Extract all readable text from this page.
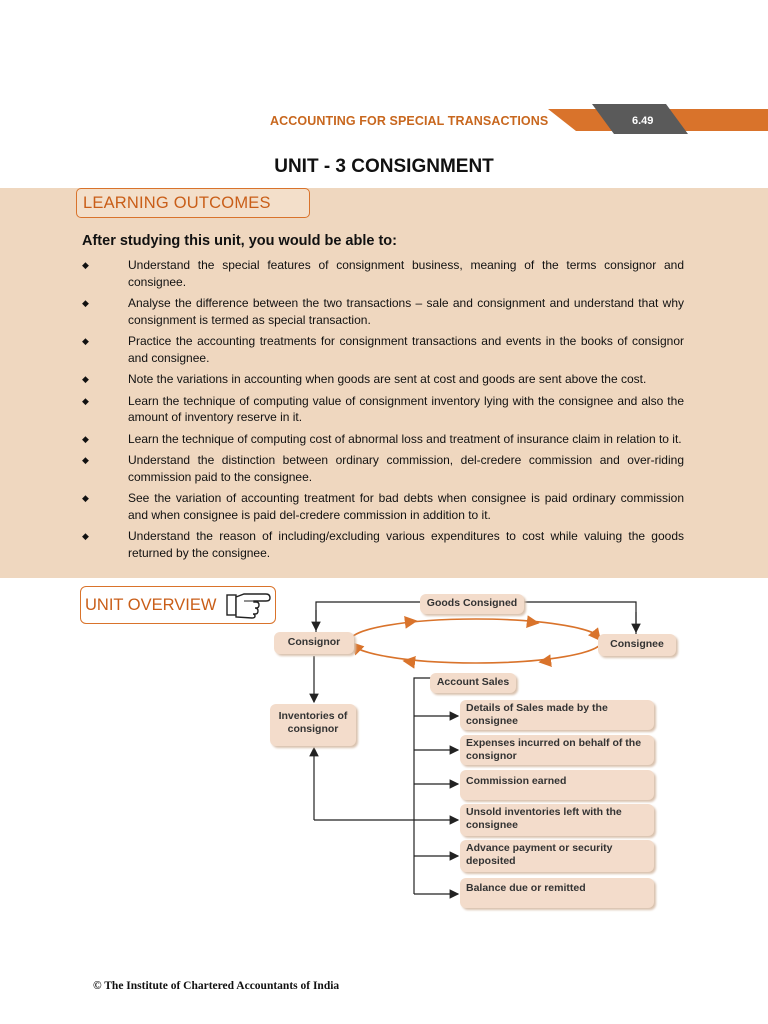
ACCOUNTING FOR SPECIAL TRANSACTIONS	6.49
UNIT - 3 CONSIGNMENT
LEARNING OUTCOMES
After studying this unit, you would be able to:
◆	Understand the special features of consignment business, meaning of the terms consignor and consignee.
◆	Analyse the difference between the two transactions – sale and consignment and understand that why consignment is termed as special transaction.
◆	Practice the accounting treatments for consignment transactions and events in the books of consignor and consignee.
◆	Note the variations in accounting when goods are sent at cost and goods are sent above the cost.
◆	Learn the technique of computing value of consignment inventory lying with the consignee and also the amount of inventory reserve in it.
◆	Learn the technique of computing cost of abnormal loss and treatment of insurance claim in relation to it.
◆	Understand the distinction between ordinary commission, del-credere commission and over-riding commission paid to the consignee.
◆	See the variation of accounting treatment for bad debts when consignee is paid ordinary commission and when consignee is paid del-credere commission in addition to it.
◆	Understand the reason of including/excluding various expenditures to cost while valuing the goods returned by the consignee.
UNIT OVERVIEW	Goods Consigned
Consignor	Consignee
Account Sales
Inventories of consignor
Details of Sales made by the consignee
Expenses incurred on behalf of the consignor
Commission earned
Unsold inventories left with the consignee
Advance payment or security deposited
Balance due or remitted
© The Institute of Chartered Accountants of India
